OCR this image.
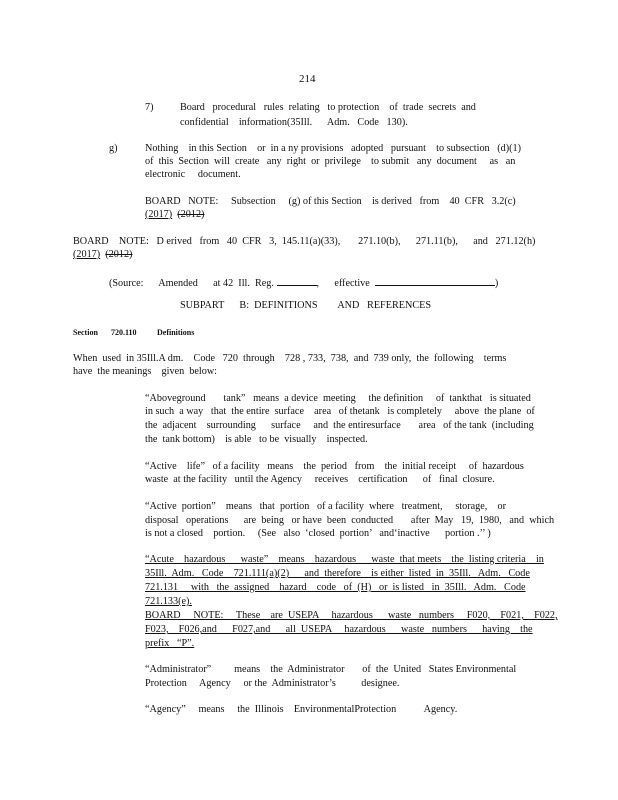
214
7)	Board   procedural   rules  relating   to protection    of  trade  secrets  and
confidential    information(35Ill.      Adm.   Code   130).
g)	Nothing    in this Section    or  in a ny provisions   adopted   pursuant    to subsection   (d)(1)
of  this  Section  will  create   any  right  or  privilege    to submit   any  document     as   an
electronic     document.
BOARD   NOTE:     Subsection     (g) of this Section    is derived   from    40  CFR   3.2(c)
(2017) (2012)
BOARD    NOTE:   D erived   from   40  CFR   3,  145.11(a)(33),       271.10(b),      271.11(b),      and   271.12(h)
(2017) (2012)
(Source:      Amended      at 42  Ill.  Reg.	, effective	)
SUBPART      B:  DEFINITIONS        AND   REFERENCES
Section 720.110	Definitions
When  used  in 35Ill.A dm.    Code   720  through    728 , 733,  738,  and  739 only,  the  following    terms
have  the meanings    given  below:
“Aboveground       tank”   means  a device  meeting     the definition     of  tankthat   is situated
in such  a way   that  the entire  surface    area   of thetank   is completely     above  the plane  of
the  adjacent    surrounding      surface     and  the entiresurface       area   of the tank  (including
the  tank bottom)    is able   to be  visually    inspected.
“Active    life”   of a facility   means    the  period   from    the  initial receipt     of  hazardous
waste  at the facility   until the Agency     receives    certification      of   final  closure.
“Active  portion”    means   that  portion   of a facility  where   treatment,     storage,    or
disposal   operations      are  being   or have  been  conducted       after  May   19,  1980,   and  which
is not a closed    portion.     (See   also  ‘closed  portion’   and‘inactive      portion .’’ )
“Acute    hazardous      waste”    means    hazardous      waste  that meets    the  listing criteria    in
35Ill.  Adm.   Code    721.111(a)(2)      and  therefore    is either  listed  in  35Ill.   Adm.   Code
721.131     with   the  assigned    hazard    code   of  (H)   or  is listed   in  35Ill.   Adm.   Code
721.133(e).
BOARD     NOTE:     These    are  USEPA     hazardous      waste   numbers     F020,    F021,    F022,
F023,    F026,and      F027,and      all  USEPA     hazardous      waste   numbers      having    the
prefix   “P”.
“Administrator”         means    the  Administrator       of  the  United   States Environmental
Protection     Agency     or the  Administrator’s          designee.
“Agency”     means     the  Illinois    EnvironmentalProtection           Agency.
